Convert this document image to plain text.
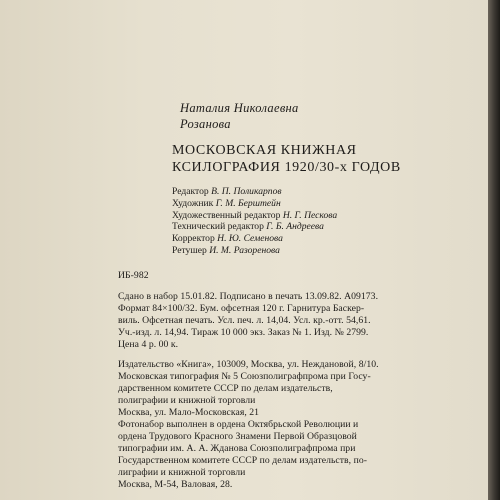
Наталия Николаевна
Розанова
МОСКОВСКАЯ КНИЖНАЯ
КСИЛОГРАФИЯ 1920/30-х ГОДОВ
Редактор В. П. Поликарпов
Художник Г. М. Берштейн
Художественный редактор Н. Г. Пескова
Технический редактор Г. Б. Андреева
Корректор Н. Ю. Семенова
Ретушер И. М. Разоренова
ИБ-982
Сдано в набор 15.01.82. Подписано в печать 13.09.82. А09173.
Формат 84×100/32. Бум. офсетная 120 г. Гарнитура Баскер-
виль. Офсетная печать. Усл. печ. л. 14,04. Усл. кр.-отт. 54,61.
Уч.-изд. л. 14,94. Тираж 10 000 экз. Заказ № 1. Изд. № 2799.
Цена 4 р. 00 к.
Издательство «Книга», 103009, Москва, ул. Неждановой, 8/10.
Московская типография № 5 Союзполиграфпрома при Госу-
дарственном комитете СССР по делам издательств,
полиграфии и книжной торговли
Москва, ул. Мало-Московская, 21
Фотонабор выполнен в ордена Октябрьской Революции и
ордена Трудового Красного Знамени Первой Образцовой
типографии им. А. А. Жданова Союзполиграфпрома при
Государственном комитете СССР по делам издательств, по-
лиграфии и книжной торговли
Москва, М-54, Валовая, 28.
